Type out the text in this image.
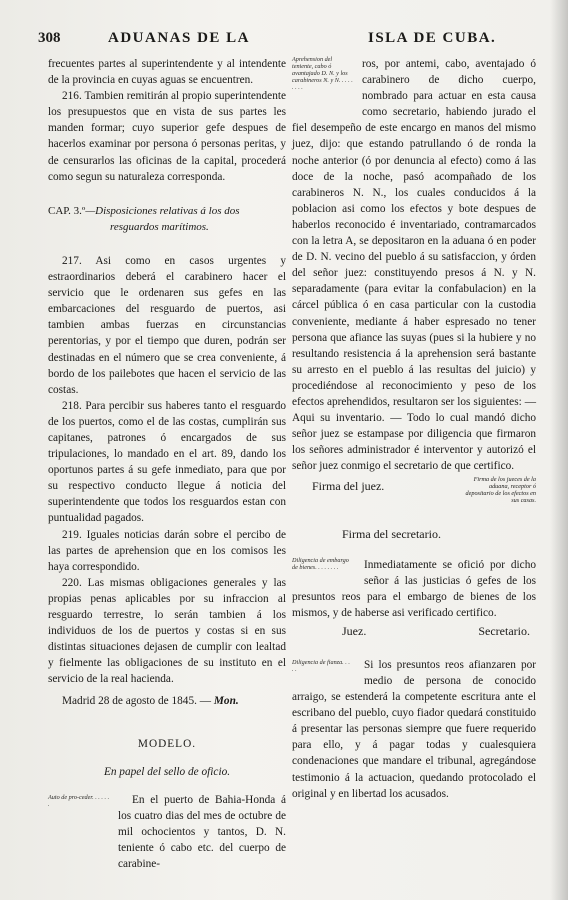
308	ADUANAS DE LA	ISLA DE CUBA.

frecuentes partes al superintendente y al intendente de la provincia en cuyas aguas se encuentren.

216. Tambien remitirán al propio superintendente los presupuestos que en vista de sus partes les manden formar; cuyo superior gefe despues de hacerlos examinar por persona ó personas peritas, y de censurarlos las oficinas de la capital, procederá como segun su naturaleza corresponda.

CAP. 3.º—Disposiciones relativas á los dos
resguardos marítimos.

217. Asi como en casos urgentes y estraordinarios deberá el carabinero hacer el servicio que le ordenaren sus gefes en las embarcaciones del resguardo de puertos, asi tambien ambas fuerzas en circunstancias perentorias, y por el tiempo que duren, podrán ser destinadas en el número que se crea conveniente, á bordo de los pailebotes que hacen el servicio de las costas.

218. Para percibir sus haberes tanto el resguardo de los puertos, como el de las costas, cumplirán sus capitanes, patrones ó encargados de sus tripulaciones, lo mandado en el art. 89, dando los oportunos partes á su gefe inmediato, para que por su respectivo conducto llegue á noticia del superintendente que todos los resguardos estan con puntualidad pagados.

219. Iguales noticias darán sobre el percibo de las partes de aprehension que en los comisos les haya correspondido.

220. Las mismas obligaciones generales y las propias penas aplicables por su infraccion al resguardo terrestre, lo serán tambien á los individuos de los de puertos y costas si en sus distintas situaciones dejasen de cumplir con lealtad y fielmente las obligaciones de su instituto en el servicio de la real hacienda.

Madrid 28 de agosto de 1845. — Mon.

MODELO.

En papel del sello de oficio.

Auto de pro-ceder. . . . . . .	En el puerto de Bahia-Honda á los cuatro dias del mes de octubre de mil ochocientos y tantos, D. N. teniente ó cabo etc. del cuerpo de carabine-

Aprehension del teniente, cabo ó avantajado D. N. y los carabineros N. y N. . . . . . . . .

ros, por antemi, cabo, aventajado ó carabinero de dicho cuerpo, nombrado para actuar en esta causa como secretario, habiendo jurado el fiel desempeño de este encargo en manos del mismo juez, dijo: que estando patrullando ó de ronda la noche anterior (ó por denuncia al efecto) como á las doce de la noche, pasó acompañado de los carabineros N. N., los cuales conducidos á la poblacion asi como los efectos y bote despues de haberlos reconocido é inventariado, contramarcados con la letra A, se depositaron en la aduana ó en poder de D. N. vecino del pueblo á su satisfaccion, y órden del señor juez: constituyendo presos á N. y N. separadamente (para evitar la confabulacion) en la cárcel pública ó en casa particular con la custodia conveniente, mediante á haber espresado no tener persona que afiance las suyas (pues si la hubiere y no resultando resistencia á la aprehension será bastante su arresto en el pueblo á las resultas del juicio) y procediéndose al reconocimiento y peso de los efectos aprehendidos, resultaron ser los siguientes: — Aqui su inventario. — Todo lo cual mandó dicho señor juez se estampase por diligencia que firmaron los señores administrador é interventor y autorizó el señor juez conmigo el secretario de que certifico.

Firma del juez.	Firma de los jueces de la aduana, receptor ó depositario de los efectos en sus casas.

Firma del secretario.

Diligencia de embargo de bienes. . . . . . . .	Inmediatamente se ofició por dicho señor á las justicias ó gefes de los presuntos reos para el embargo de bienes de los mismos, y de haberse asi verificado certifico.

Juez.	Secretario.
Diligencia de fianza. . . . .	Si los presuntos reos afianzaren por medio de persona de conocido arraigo, se estenderá la competente escritura ante el escribano del pueblo, cuyo fiador quedará constituido á presentar las personas siempre que fuere requerido para ello, y á pagar todas y cualesquiera condenaciones que mandare el tribunal, agregándose testimonio á la actuacion, quedando protocolado el original y en libertad los acusados.
